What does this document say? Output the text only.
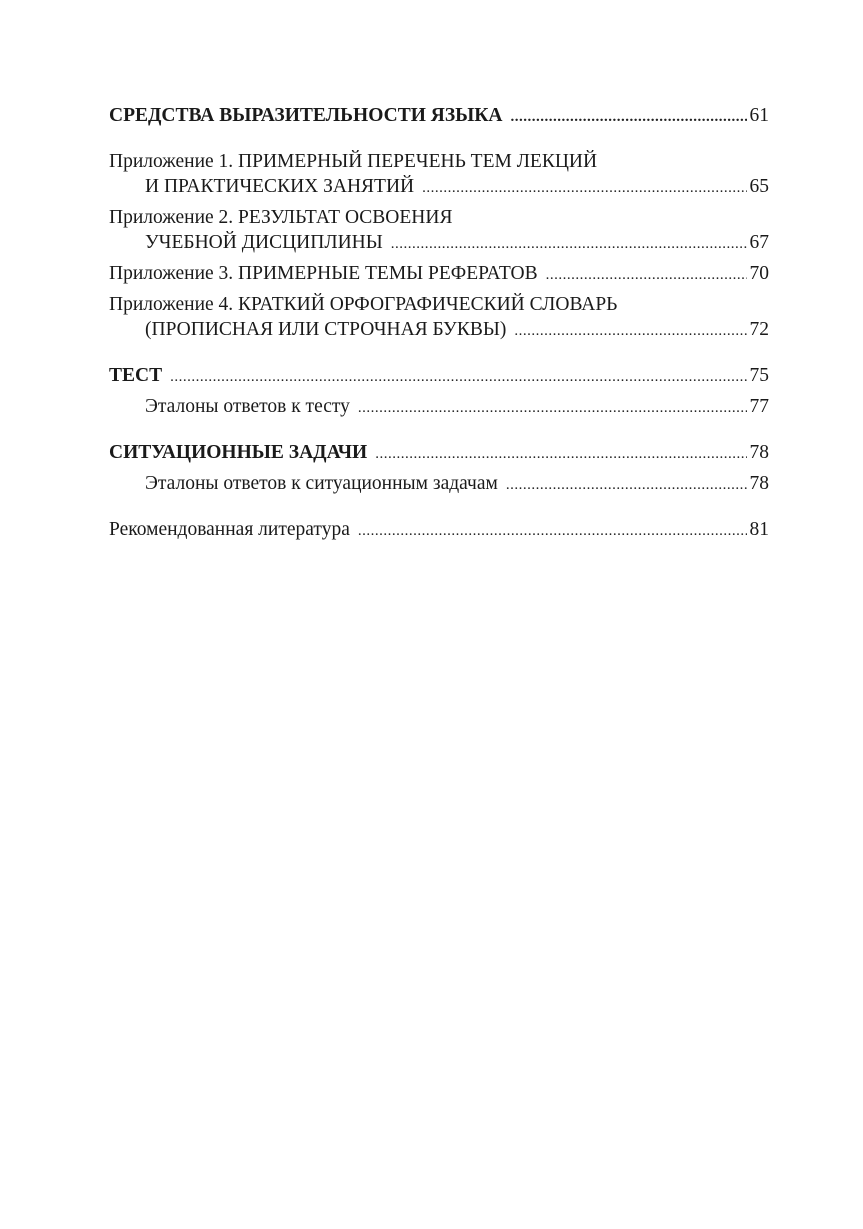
СРЕДСТВА ВЫРАЗИТЕЛЬНОСТИ ЯЗЫКА .....	61
Приложение 1. ПРИМЕРНЫЙ ПЕРЕЧЕНЬ ТЕМ ЛЕКЦИЙ
И ПРАКТИЧЕСКИХ ЗАНЯТИЙ .....	65
Приложение 2. РЕЗУЛЬТАТ ОСВОЕНИЯ
УЧЕБНОЙ ДИСЦИПЛИНЫ .....	67
Приложение 3. ПРИМЕРНЫЕ ТЕМЫ РЕФЕРАТОВ .....	70
Приложение 4. КРАТКИЙ ОРФОГРАФИЧЕСКИЙ СЛОВАРЬ
(ПРОПИСНАЯ ИЛИ СТРОЧНАЯ БУКВЫ) .....	72
ТЕСТ .....	75
Эталоны ответов к тесту .....	77
СИТУАЦИОННЫЕ ЗАДАЧИ .....	78
Эталоны ответов к ситуационным задачам .....	78
Рекомендованная литература .....	81
